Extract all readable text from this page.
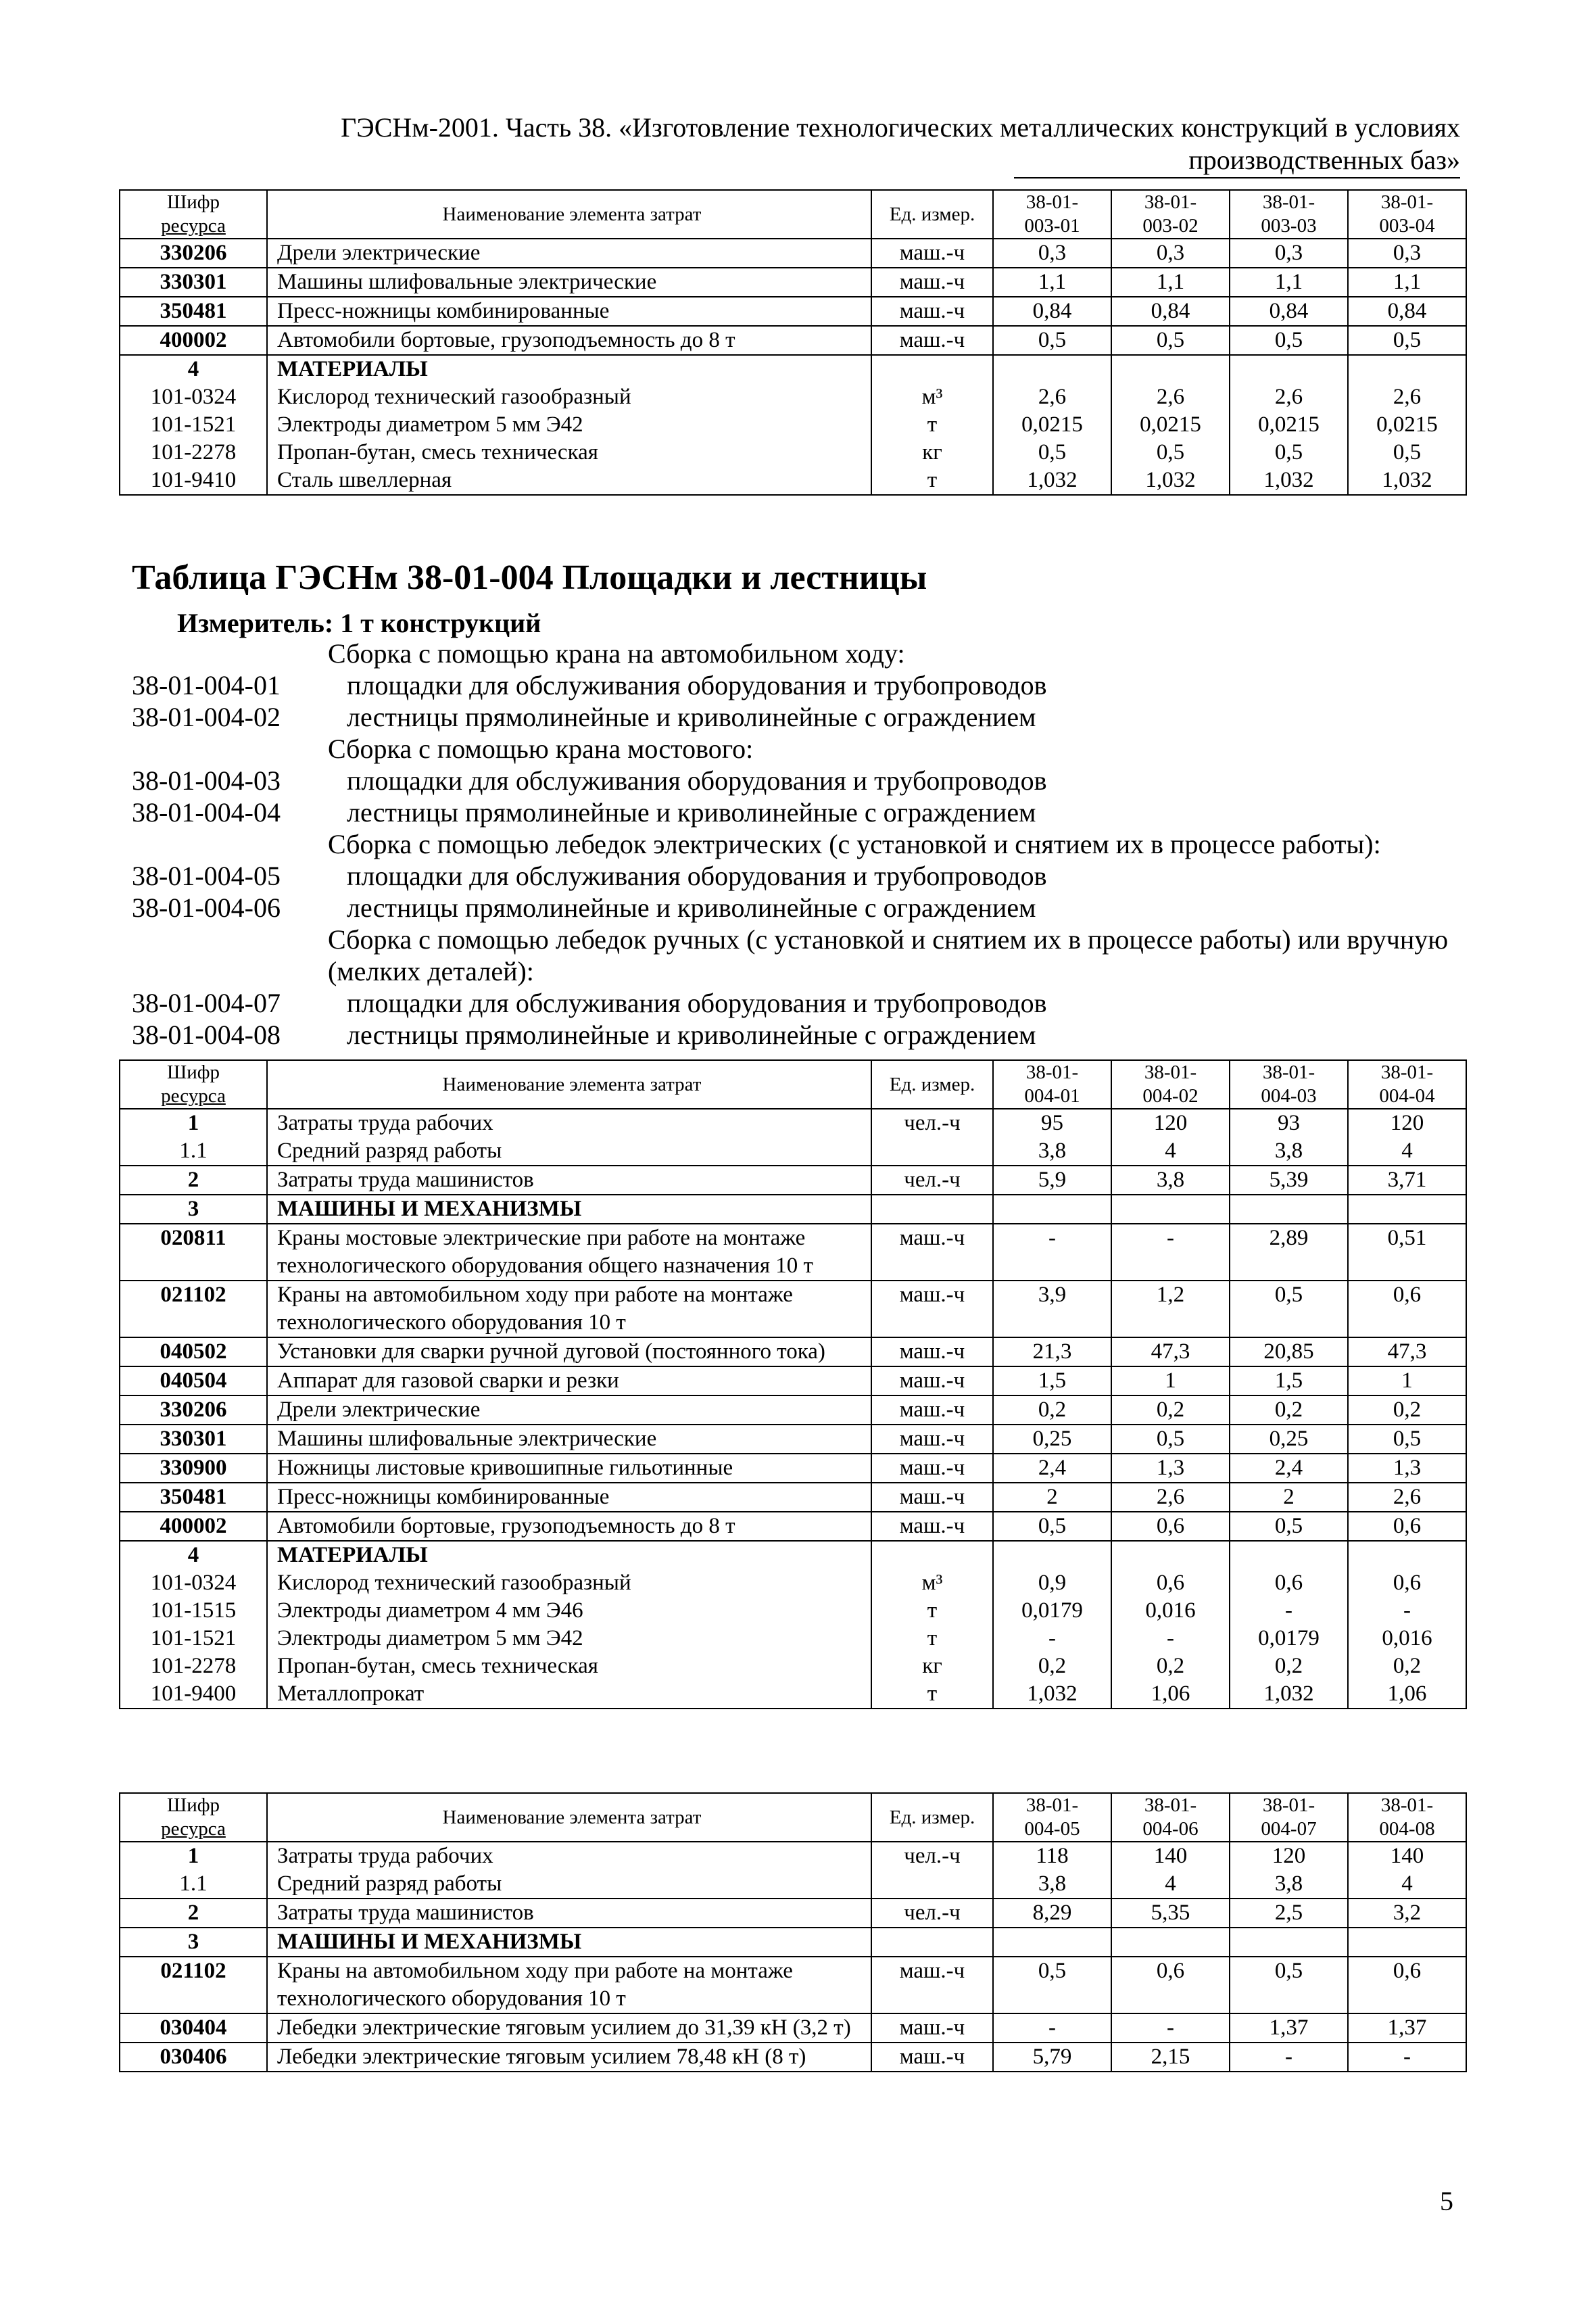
ГЭСНм-2001. Часть 38. «Изготовление технологических металлических конструкций в условиях
производственных баз»
Шифр
ресурса	Наименование элемента затрат	Ед. измер.	38-01-
003-01	38-01-
003-02	38-01-
003-03	38-01-
003-04

330206	Дрели электрические	маш.-ч	0,3	0,3	0,3	0,3
330301	Машины шлифовальные электрические	маш.-ч	1,1	1,1	1,1	1,1
350481	Пресс-ножницы комбинированные	маш.-ч	0,84	0,84	0,84	0,84
400002	Автомобили бортовые, грузоподъемность до 8 т	маш.-ч	0,5	0,5	0,5	0,5
4	МАТЕРИАЛЫ					
101-0324	Кислород технический газообразный	м³	2,6	2,6	2,6	2,6
101-1521	Электроды диаметром 5 мм Э42	т	0,0215	0,0215	0,0215	0,0215
101-2278	Пропан-бутан, смесь техническая	кг	0,5	0,5	0,5	0,5
101-9410	Сталь швеллерная	т	1,032	1,032	1,032	1,032
Таблица ГЭСНм 38-01-004 Площадки и лестницы
Измеритель: 1 т конструкций
Сборка с помощью крана на автомобильном ходу:
38-01-004-01 площадки для обслуживания оборудования и трубопроводов
38-01-004-02 лестницы прямолинейные и криволинейные с ограждением
Сборка с помощью крана мостового:
38-01-004-03 площадки для обслуживания оборудования и трубопроводов
38-01-004-04 лестницы прямолинейные и криволинейные с ограждением
Сборка с помощью лебедок электрических (с установкой и снятием их в процессе работы):
38-01-004-05 площадки для обслуживания оборудования и трубопроводов
38-01-004-06 лестницы прямолинейные и криволинейные с ограждением
Сборка с помощью лебедок ручных (с установкой и снятием их в процессе работы) или вручную (мелких деталей):
38-01-004-07 площадки для обслуживания оборудования и трубопроводов
38-01-004-08 лестницы прямолинейные и криволинейные с ограждением
Шифр
ресурса	Наименование элемента затрат	Ед. измер.	38-01-
004-01	38-01-
004-02	38-01-
004-03	38-01-
004-04

1	Затраты труда рабочих	чел.-ч	95	120	93	120
1.1	Средний разряд работы		3,8	4	3,8	4
2	Затраты труда машинистов	чел.-ч	5,9	3,8	5,39	3,71
3	МАШИНЫ И МЕХАНИЗМЫ					
020811	Краны мостовые электрические при работе на монтаже технологического оборудования общего назначения 10 т	маш.-ч	-	-	2,89	0,51
021102	Краны на автомобильном ходу при работе на монтаже технологического оборудования 10 т	маш.-ч	3,9	1,2	0,5	0,6
040502	Установки для сварки ручной дуговой (постоянного тока)	маш.-ч	21,3	47,3	20,85	47,3
040504	Аппарат для газовой сварки и резки	маш.-ч	1,5	1	1,5	1
330206	Дрели электрические	маш.-ч	0,2	0,2	0,2	0,2
330301	Машины шлифовальные электрические	маш.-ч	0,25	0,5	0,25	0,5
330900	Ножницы листовые кривошипные гильотинные	маш.-ч	2,4	1,3	2,4	1,3
350481	Пресс-ножницы комбинированные	маш.-ч	2	2,6	2	2,6
400002	Автомобили бортовые, грузоподъемность до 8 т	маш.-ч	0,5	0,6	0,5	0,6
4	МАТЕРИАЛЫ					
101-0324	Кислород технический газообразный	м³	0,9	0,6	0,6	0,6
101-1515	Электроды диаметром 4 мм Э46	т	0,0179	0,016	-	-
101-1521	Электроды диаметром 5 мм Э42	т	-	-	0,0179	0,016
101-2278	Пропан-бутан, смесь техническая	кг	0,2	0,2	0,2	0,2
101-9400	Металлопрокат	т	1,032	1,06	1,032	1,06
Шифр
ресурса	Наименование элемента затрат	Ед. измер.	38-01-
004-05	38-01-
004-06	38-01-
004-07	38-01-
004-08

1	Затраты труда рабочих	чел.-ч	118	140	120	140
1.1	Средний разряд работы		3,8	4	3,8	4
2	Затраты труда машинистов	чел.-ч	8,29	5,35	2,5	3,2
3	МАШИНЫ И МЕХАНИЗМЫ					
021102	Краны на автомобильном ходу при работе на монтаже технологического оборудования 10 т	маш.-ч	0,5	0,6	0,5	0,6
030404	Лебедки электрические тяговым усилием до 31,39 кН (3,2 т)	маш.-ч	-	-	1,37	1,37
030406	Лебедки электрические тяговым усилием 78,48 кН (8 т)	маш.-ч	5,79	2,15	-	-
5
